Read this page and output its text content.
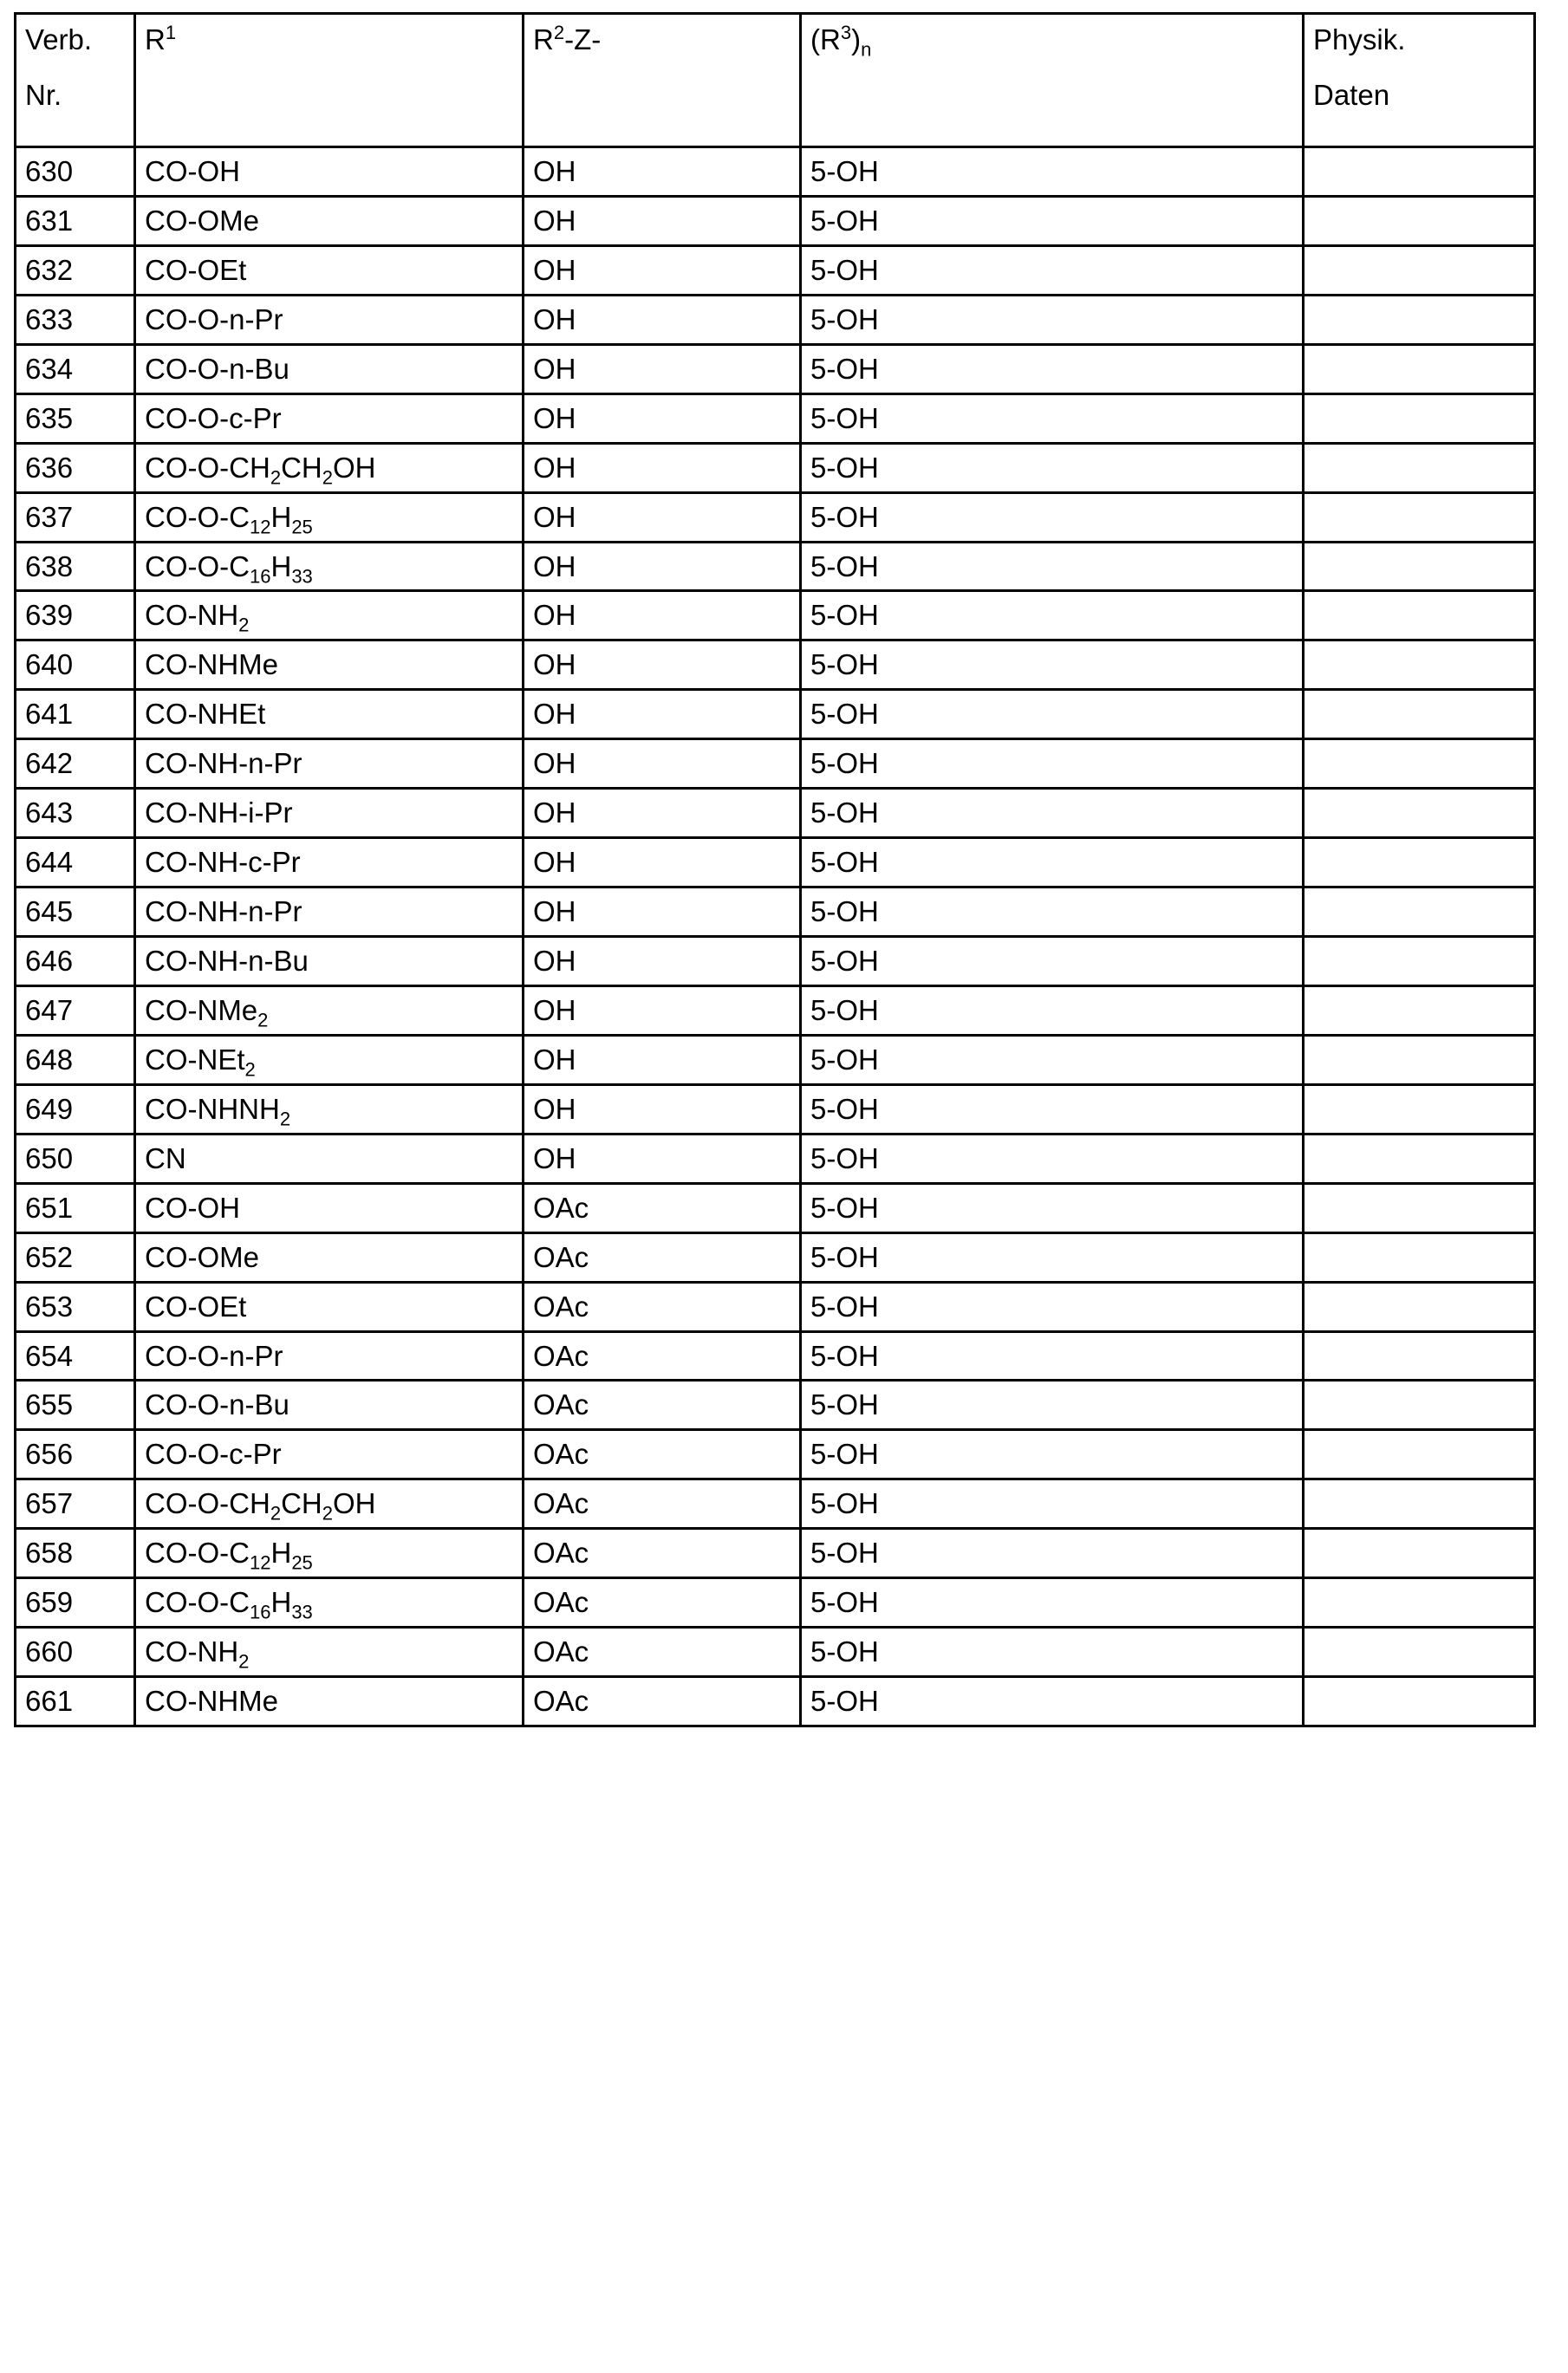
Verb.
Nr.	$R^1$	$R^2-Z-$	$(R^3)_n$	Physik.
Daten

630	CO-OH	OH	5-OH	
631	CO-OMe	OH	5-OH	
632	CO-OEt	OH	5-OH	
633	CO-O-n-Pr	OH	5-OH	
634	CO-O-n-Bu	OH	5-OH	
635	CO-O-c-Pr	OH	5-OH	
636	$CO-O-CH_2CH_2OH$	OH	5-OH	
637	$CO-O-C_{12}H_{25}$	OH	5-OH	
638	$CO-O-C_{16}H_{33}$	OH	5-OH	
639	$CO-NH_2$	OH	5-OH	
640	CO-NHMe	OH	5-OH	
641	CO-NHEt	OH	5-OH	
642	CO-NH-n-Pr	OH	5-OH	
643	CO-NH-i-Pr	OH	5-OH	
644	CO-NH-c-Pr	OH	5-OH	
645	CO-NH-n-Pr	OH	5-OH	
646	CO-NH-n-Bu	OH	5-OH	
647	CO-NMe$_2$	OH	5-OH	
648	CO-NEt$_2$	OH	5-OH	
649	$CO-NHNH_2$	OH	5-OH	
650	CN	OH	5-OH	
651	CO-OH	OAc	5-OH	
652	CO-OMe	OAc	5-OH	
653	CO-OEt	OAc	5-OH	
654	CO-O-n-Pr	OAc	5-OH	
655	CO-O-n-Bu	OAc	5-OH	
656	CO-O-c-Pr	OAc	5-OH	
657	$CO-O-CH_2CH_2OH$	OAc	5-OH	
658	$CO-O-C_{12}H_{25}$	OAc	5-OH	
659	$CO-O-C_{16}H_{33}$	OAc	5-OH	
660	$CO-NH_2$	OAc	5-OH	
661	CO-NHMe	OAc	5-OH	
